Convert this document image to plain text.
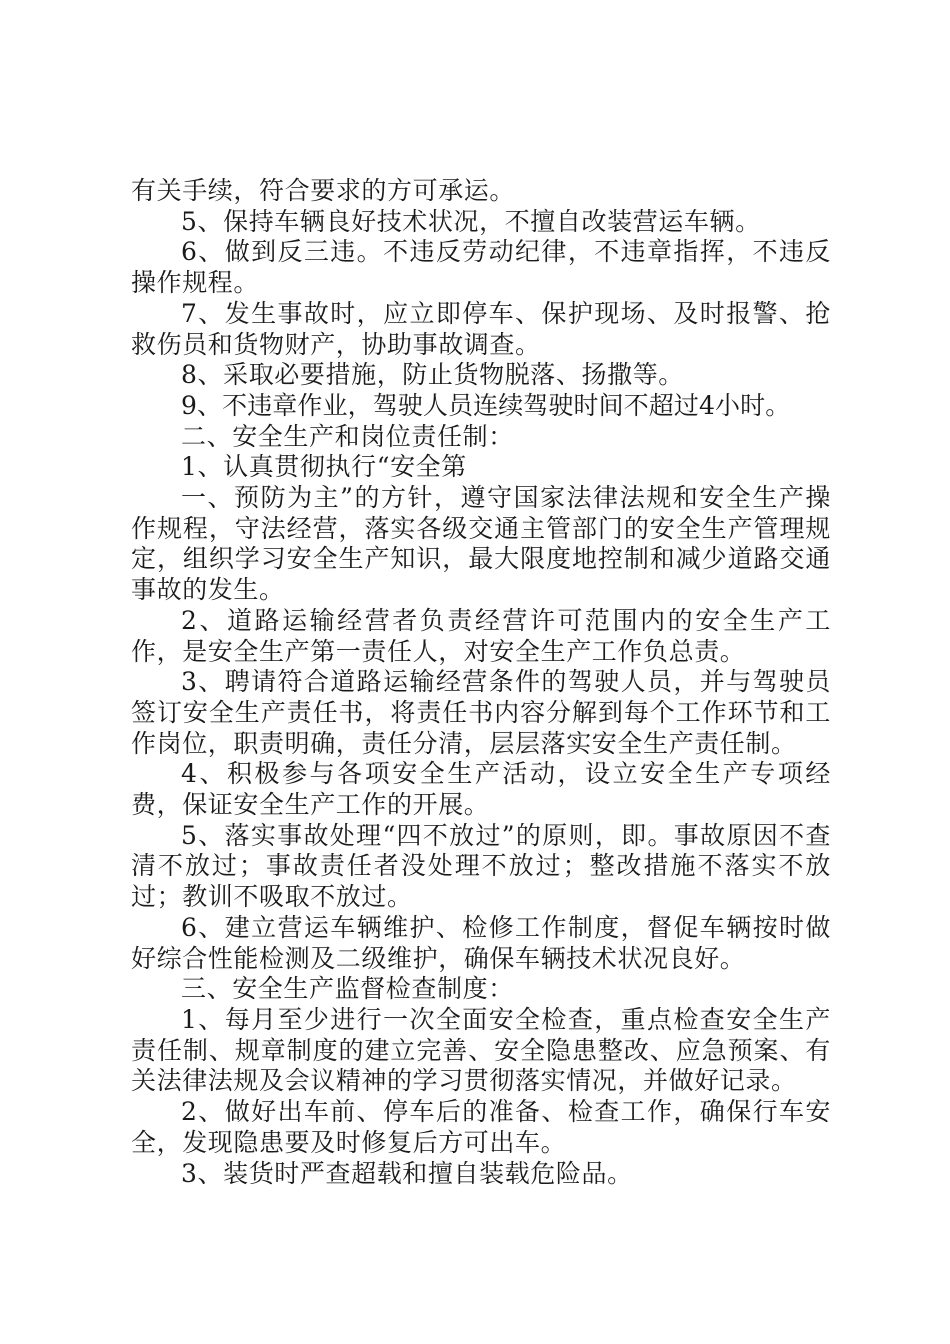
有关手续，符合要求的方可承运。

5、保持车辆良好技术状况，不擅自改装营运车辆。

6、做到反三违。不违反劳动纪律，不违章指挥，不违反操作规程。

7、发生事故时，应立即停车、保护现场、及时报警、抢救伤员和货物财产，协助事故调查。

8、采取必要措施，防止货物脱落、扬撒等。

9、不违章作业，驾驶人员连续驾驶时间不超过4小时。

二、安全生产和岗位责任制：

1、认真贯彻执行“安全第

一、预防为主”的方针，遵守国家法律法规和安全生产操作规程，守法经营，落实各级交通主管部门的安全生产管理规定，组织学习安全生产知识，最大限度地控制和减少道路交通事故的发生。

2、道路运输经营者负责经营许可范围内的安全生产工作，是安全生产第一责任人，对安全生产工作负总责。

3、聘请符合道路运输经营条件的驾驶人员，并与驾驶员签订安全生产责任书，将责任书内容分解到每个工作环节和工作岗位，职责明确，责任分清，层层落实安全生产责任制。

4、积极参与各项安全生产活动，设立安全生产专项经费，保证安全生产工作的开展。

5、落实事故处理“四不放过”的原则，即。事故原因不查清不放过；事故责任者没处理不放过；整改措施不落实不放过；教训不吸取不放过。

6、建立营运车辆维护、检修工作制度，督促车辆按时做好综合性能检测及二级维护，确保车辆技术状况良好。

三、安全生产监督检查制度：

1、每月至少进行一次全面安全检查，重点检查安全生产责任制、规章制度的建立完善、安全隐患整改、应急预案、有关法律法规及会议精神的学习贯彻落实情况，并做好记录。

2、做好出车前、停车后的准备、检查工作，确保行车安全，发现隐患要及时修复后方可出车。

3、装货时严查超载和擅自装载危险品。
